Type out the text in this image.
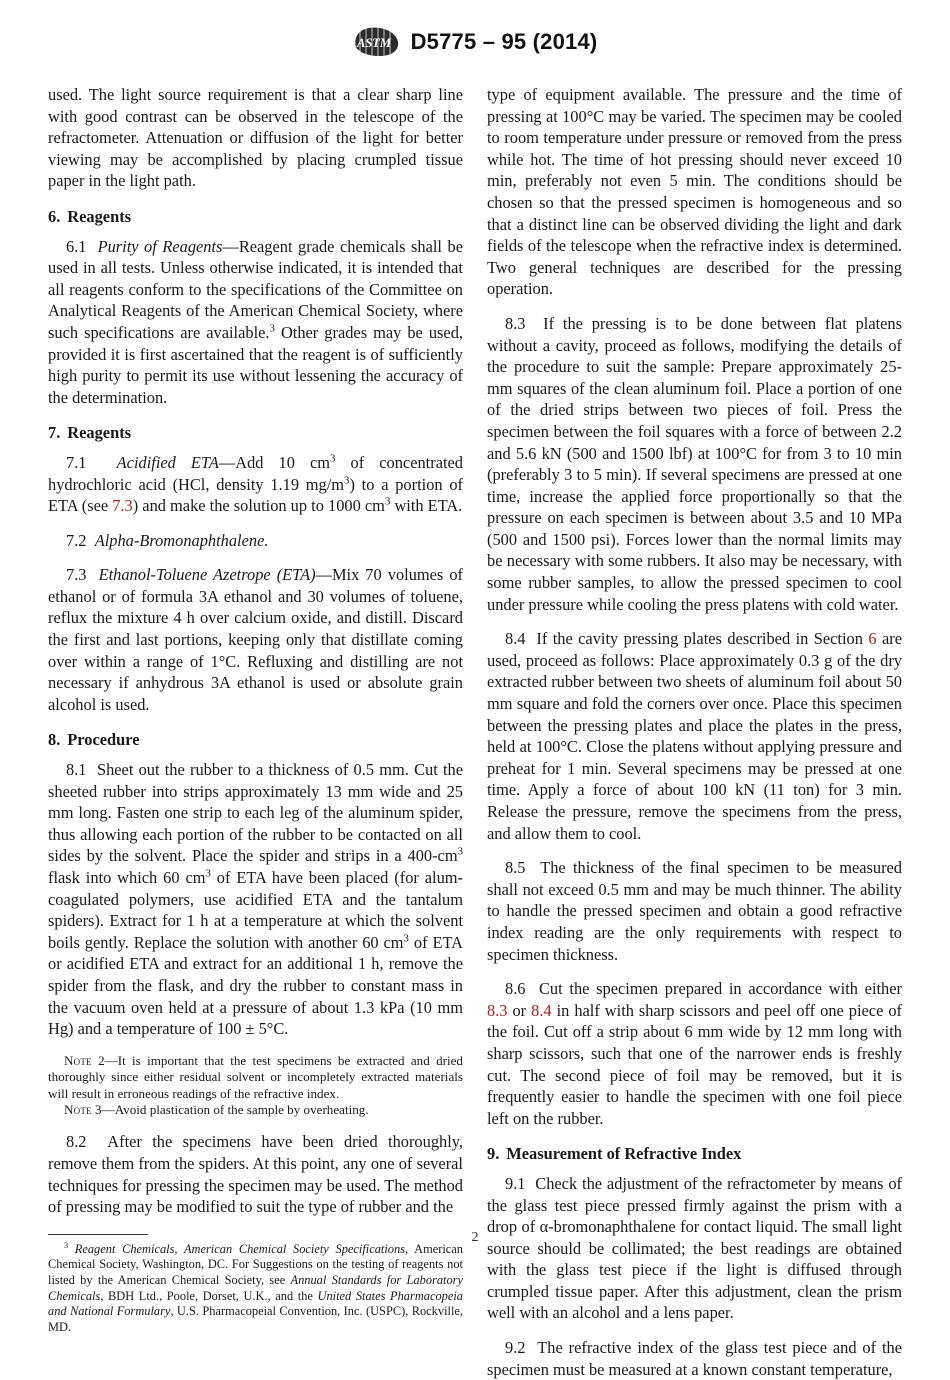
ASTM D5775 – 95 (2014)

used. The light source requirement is that a clear sharp line with good contrast can be observed in the telescope of the refractometer. Attenuation or diffusion of the light for better viewing may be accomplished by placing crumpled tissue paper in the light path.

6. Reagents

6.1 Purity of Reagents—Reagent grade chemicals shall be used in all tests. Unless otherwise indicated, it is intended that all reagents conform to the specifications of the Committee on Analytical Reagents of the American Chemical Society, where such specifications are available.$^3$ Other grades may be used, provided it is first ascertained that the reagent is of sufficiently high purity to permit its use without lessening the accuracy of the determination.

7. Reagents

7.1 Acidified ETA—Add 10 $cm^3$ of concentrated hydrochloric acid (HCl, density 1.19 $mg/m^3$) to a portion of ETA (see 7.3) and make the solution up to 1000 $cm^3$ with ETA.

7.2 Alpha-Bromonaphthalene.

7.3 Ethanol-Toluene Azetrope (ETA)—Mix 70 volumes of ethanol or of formula 3A ethanol and 30 volumes of toluene, reflux the mixture 4 h over calcium oxide, and distill. Discard the first and last portions, keeping only that distillate coming over within a range of 1°C. Refluxing and distilling are not necessary if anhydrous 3A ethanol is used or absolute grain alcohol is used.

8. Procedure

8.1 Sheet out the rubber to a thickness of 0.5 mm. Cut the sheeted rubber into strips approximately 13 mm wide and 25 mm long. Fasten one strip to each leg of the aluminum spider, thus allowing each portion of the rubber to be contacted on all sides by the solvent. Place the spider and strips in a $400-cm^3$ flask into which 60 $cm^3$ of ETA have been placed (for alum-coagulated polymers, use acidified ETA and the tantalum spiders). Extract for 1 h at a temperature at which the solvent boils gently. Replace the solution with another 60 $cm^3$ of ETA or acidified ETA and extract for an additional 1 h, remove the spider from the flask, and dry the rubber to constant mass in the vacuum oven held at a pressure of about 1.3 kPa (10 mm Hg) and a temperature of 100 ± 5°C.

Note 2—It is important that the test specimens be extracted and dried thoroughly since either residual solvent or incompletely extracted materials will result in erroneous readings of the refractive index.

Note 3—Avoid plastication of the sample by overheating.

8.2 After the specimens have been dried thoroughly, remove them from the spiders. At this point, any one of several techniques for pressing the specimen may be used. The method of pressing may be modified to suit the type of rubber and the

$^3$ Reagent Chemicals, American Chemical Society Specifications, American Chemical Society, Washington, DC. For Suggestions on the testing of reagents not listed by the American Chemical Society, see Annual Standards for Laboratory Chemicals, BDH Ltd., Poole, Dorset, U.K., and the United States Pharmacopeia and National Formulary, U.S. Pharmacopeial Convention, Inc. (USPC), Rockville, MD.

type of equipment available. The pressure and the time of pressing at 100°C may be varied. The specimen may be cooled to room temperature under pressure or removed from the press while hot. The time of hot pressing should never exceed 10 min, preferably not even 5 min. The conditions should be chosen so that the pressed specimen is homogeneous and so that a distinct line can be observed dividing the light and dark fields of the telescope when the refractive index is determined. Two general techniques are described for the pressing operation.

8.3 If the pressing is to be done between flat platens without a cavity, proceed as follows, modifying the details of the procedure to suit the sample: Prepare approximately 25-mm squares of the clean aluminum foil. Place a portion of one of the dried strips between two pieces of foil. Press the specimen between the foil squares with a force of between 2.2 and 5.6 kN (500 and 1500 lbf) at 100°C for from 3 to 10 min (preferably 3 to 5 min). If several specimens are pressed at one time, increase the applied force proportionally so that the pressure on each specimen is between about 3.5 and 10 MPa (500 and 1500 psi). Forces lower than the normal limits may be necessary with some rubbers. It also may be necessary, with some rubber samples, to allow the pressed specimen to cool under pressure while cooling the press platens with cold water.

8.4 If the cavity pressing plates described in Section 6 are used, proceed as follows: Place approximately 0.3 g of the dry extracted rubber between two sheets of aluminum foil about 50 mm square and fold the corners over once. Place this specimen between the pressing plates and place the plates in the press, held at 100°C. Close the platens without applying pressure and preheat for 1 min. Several specimens may be pressed at one time. Apply a force of about 100 kN (11 ton) for 3 min. Release the pressure, remove the specimens from the press, and allow them to cool.

8.5 The thickness of the final specimen to be measured shall not exceed 0.5 mm and may be much thinner. The ability to handle the pressed specimen and obtain a good refractive index reading are the only requirements with respect to specimen thickness.

8.6 Cut the specimen prepared in accordance with either 8.3 or 8.4 in half with sharp scissors and peel off one piece of the foil. Cut off a strip about 6 mm wide by 12 mm long with sharp scissors, such that one of the narrower ends is freshly cut. The second piece of foil may be removed, but it is frequently easier to handle the specimen with one foil piece left on the rubber.

9. Measurement of Refractive Index

9.1 Check the adjustment of the refractometer by means of the glass test piece pressed firmly against the prism with a drop of α-bromonaphthalene for contact liquid. The small light source should be collimated; the best readings are obtained with the glass test piece if the light is diffused through crumpled tissue paper. After this adjustment, clean the prism well with an alcohol and a lens paper.

9.2 The refractive index of the glass test piece and of the specimen must be measured at a known constant temperature,

2
